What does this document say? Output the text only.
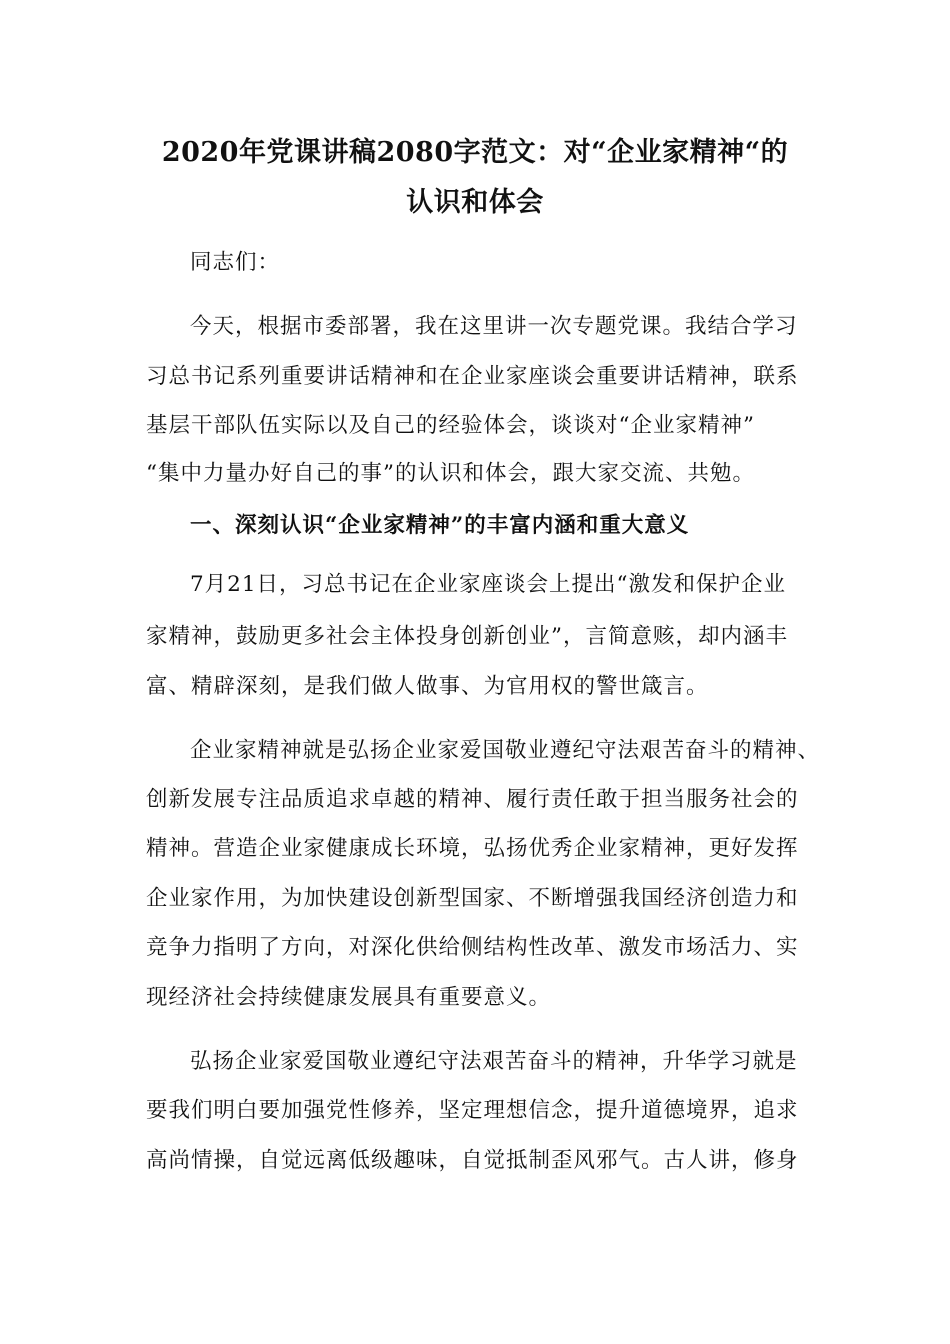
2020年党课讲稿2080字范文：对“企业家精神“的
认识和体会
同志们：
今天，根据市委部署，我在这里讲一次专题党课。我结合学习
习总书记系列重要讲话精神和在企业家座谈会重要讲话精神，联系
基层干部队伍实际以及自己的经验体会，谈谈对“企业家精神”
“集中力量办好自己的事”的认识和体会，跟大家交流、共勉。
一、深刻认识“企业家精神”的丰富内涵和重大意义
7月21日，习总书记在企业家座谈会上提出“激发和保护企业
家精神，鼓励更多社会主体投身创新创业”，言简意赅，却内涵丰
富、精辟深刻，是我们做人做事、为官用权的警世箴言。
企业家精神就是弘扬企业家爱国敬业遵纪守法艰苦奋斗的精神、
创新发展专注品质追求卓越的精神、履行责任敢于担当服务社会的
精神。营造企业家健康成长环境，弘扬优秀企业家精神，更好发挥
企业家作用，为加快建设创新型国家、不断增强我国经济创造力和
竞争力指明了方向，对深化供给侧结构性改革、激发市场活力、实
现经济社会持续健康发展具有重要意义。
弘扬企业家爱国敬业遵纪守法艰苦奋斗的精神，升华学习就是
要我们明白要加强党性修养，坚定理想信念，提升道德境界，追求
高尚情操，自觉远离低级趣味，自觉抵制歪风邪气。古人讲，修身
